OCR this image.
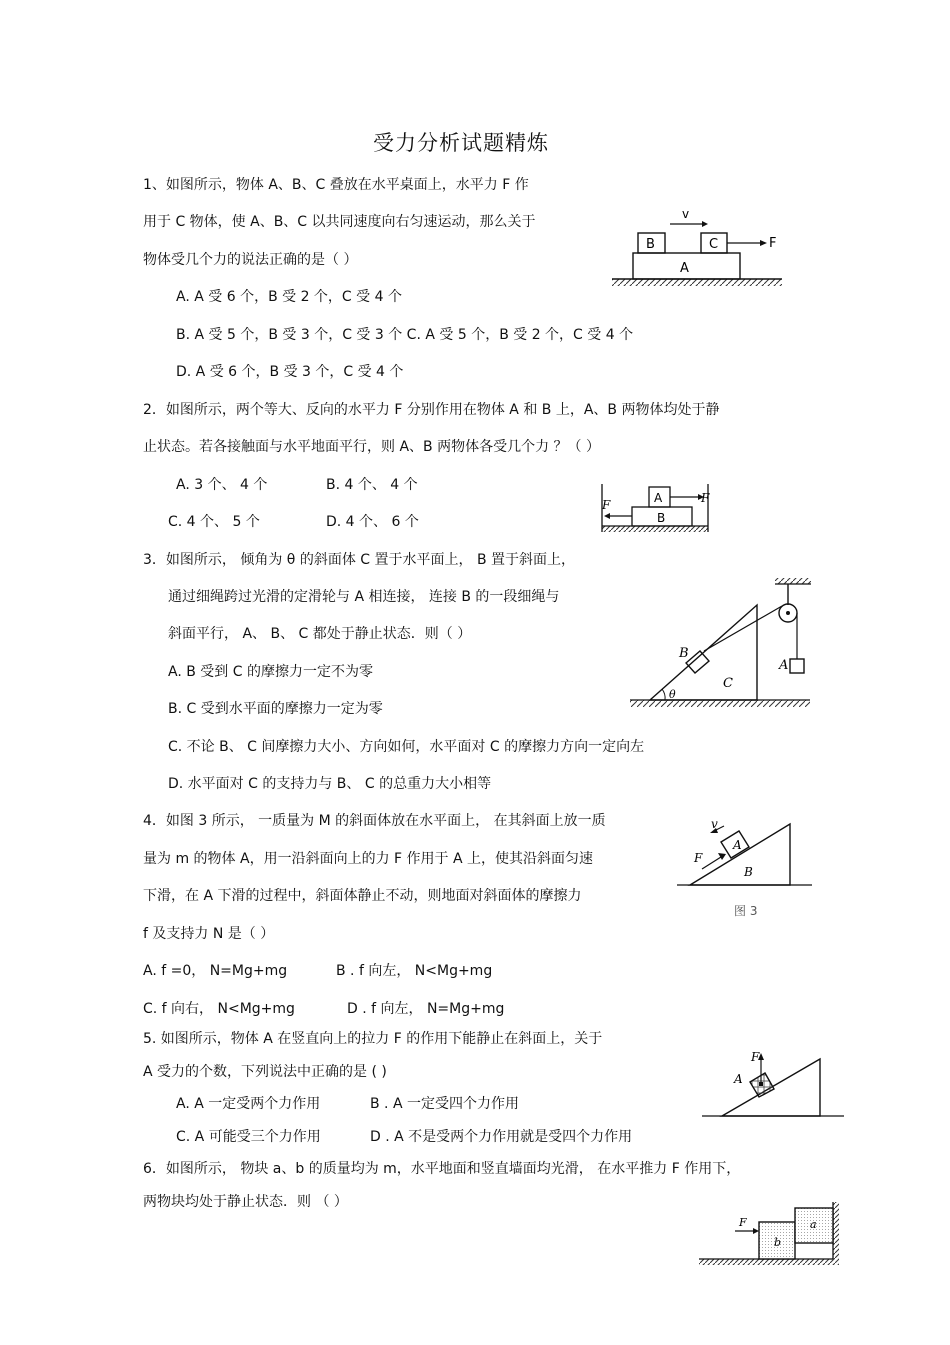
受力分析试题精炼
1、如图所示，物体 A、B、C 叠放在水平桌面上，水平力 F 作
用于 C 物体，使 A、B、C 以共同速度向右匀速运动，那么关于
物体受几个力的说法正确的是（ ）
A. A 受 6 个，B 受 2 个，C 受 4 个
B. A 受 5 个，B 受 3 个，C 受 3 个 C. A 受 5 个，B 受 2 个，C 受 4 个
D. A 受 6 个，B 受 3 个，C 受 4 个
v
B	C	F
A
2．如图所示，两个等大、反向的水平力 F 分别作用在物体 A 和 B 上，A、B 两物体均处于静
止状态。若各接触面与水平地面平行，则 A、B 两物体各受几个力 ？（ ）
A. 3 个、 4 个	B. 4 个、 4 个
C. 4 个、 5 个	D. 4 个、 6 个
A	F
F
B
3．如图所示， 倾角为 θ 的斜面体 C 置于水平面上， B 置于斜面上，
通过细绳跨过光滑的定滑轮与 A 相连接， 连接 B 的一段细绳与
斜面平行， A、 B、 C 都处于静止状态．则（ ）
A. B 受到 C 的摩擦力一定不为零
B. C 受到水平面的摩擦力一定为零
C. 不论 B、 C 间摩擦力大小、方向如何，水平面对 C 的摩擦力方向一定向左
D. 水平面对 C 的支持力与 B、 C 的总重力大小相等
B
A
C
θ
4．如图 3 所示， 一质量为 M 的斜面体放在水平面上， 在其斜面上放一质
量为 m 的物体 A，用一沿斜面向上的力 F 作用于 A 上，使其沿斜面匀速
下滑，在 A 下滑的过程中，斜面体静止不动，则地面对斜面体的摩擦力
f 及支持力 N 是（ ）
A. f =0， N=Mg+mg	B . f 向左， N<Mg+mg
C. f 向右， N<Mg+mg	D . f 向左， N=Mg+mg
v
A
F
B
图 3
5. 如图所示，物体 A 在竖直向上的拉力 F 的作用下能静止在斜面上，关于
A 受力的个数，下列说法中正确的是 ( )
A. A 一定受两个力作用	B . A 一定受四个力作用
C. A 可能受三个力作用	D . A 不是受两个力作用就是受四个力作用
F
A
6．如图所示， 物块 a、b 的质量均为 m，水平地面和竖直墙面均光滑， 在水平推力 F 作用下，
两物块均处于静止状态．则 （ ）
F	a
b
